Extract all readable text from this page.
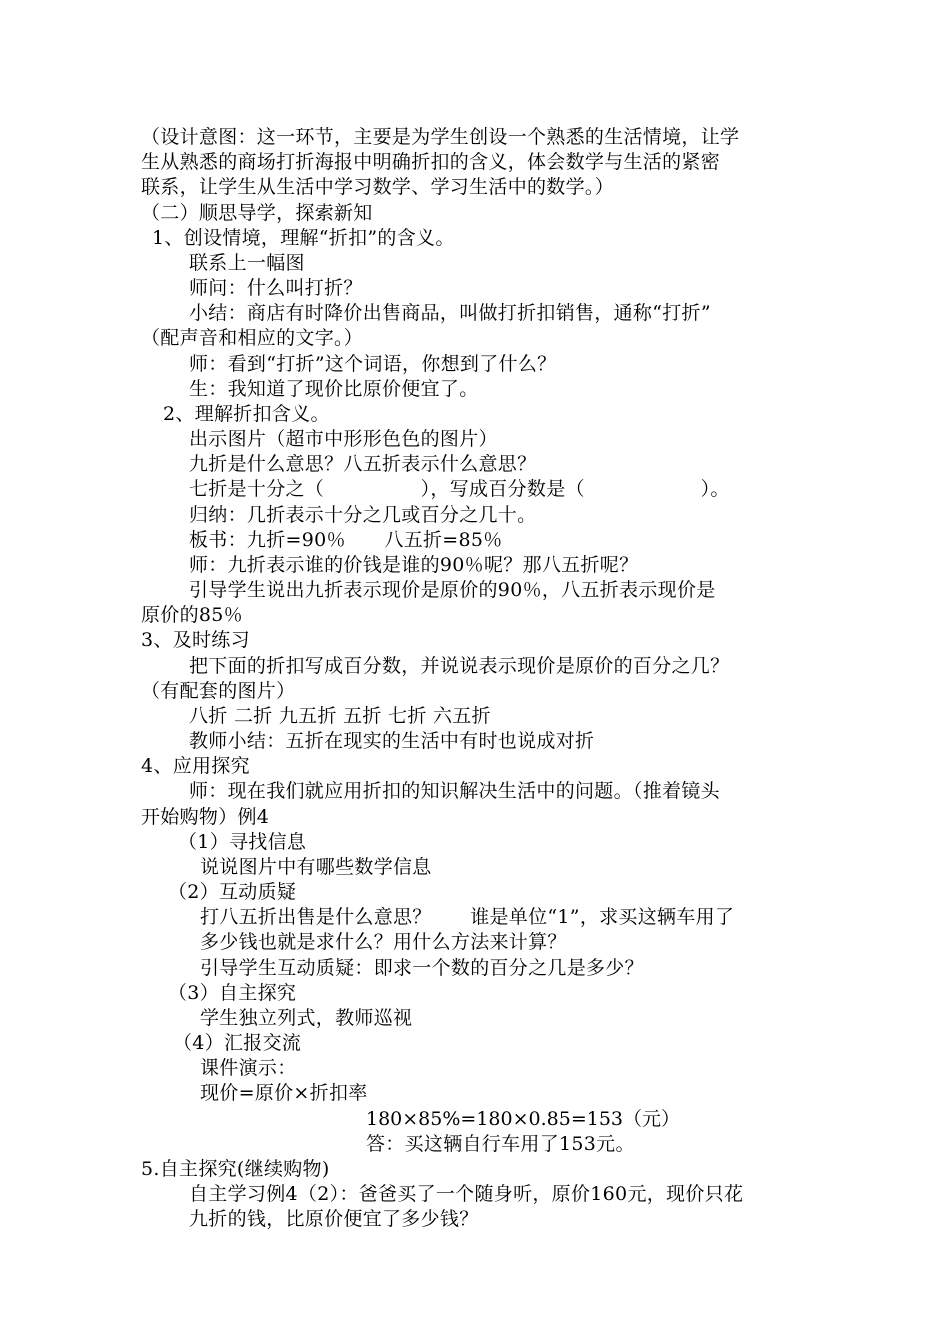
（设计意图：这一环节，主要是为学生创设一个熟悉的生活情境，让学
生从熟悉的商场打折海报中明确折扣的含义，体会数学与生活的紧密
联系，让学生从生活中学习数学、学习生活中的数学。）
（二）顺思导学，探索新知
1、创设情境，理解“折扣”的含义。
联系上一幅图
师问：什么叫打折？
小结：商店有时降价出售商品，叫做打折扣销售，通称“打折”
（配声音和相应的文字。）
师：看到“打折”这个词语，你想到了什么？
生：我知道了现价比原价便宜了。
2、理解折扣含义。
出示图片（超市中形形色色的图片）
九折是什么意思？八五折表示什么意思？
七折是十分之（　　　　　），写成百分数是（　　　　　　）。
归纳：几折表示十分之几或百分之几十。
板书：九折=90％　　八五折=85％
师：九折表示谁的价钱是谁的90％呢？那八五折呢？
引导学生说出九折表示现价是原价的90％，八五折表示现价是
原价的85％
3、及时练习
把下面的折扣写成百分数，并说说表示现价是原价的百分之几？
（有配套的图片）
八折 二折 九五折 五折 七折 六五折
教师小结：五折在现实的生活中有时也说成对折
4、应用探究
师：现在我们就应用折扣的知识解决生活中的问题。（推着镜头
开始购物）例4
（1）寻找信息
说说图片中有哪些数学信息
（2）互动质疑
打八五折出售是什么意思？　　谁是单位“1”，求买这辆车用了
多少钱也就是求什么？用什么方法来计算？
引导学生互动质疑：即求一个数的百分之几是多少？
（3）自主探究
学生独立列式，教师巡视
（4）汇报交流
课件演示：
现价=原价×折扣率
180×85%=180×0.85=153（元）
答：买这辆自行车用了153元。
5.自主探究(继续购物)
自主学习例4（2）：爸爸买了一个随身听，原价160元，现价只花
九折的钱，比原价便宜了多少钱？
